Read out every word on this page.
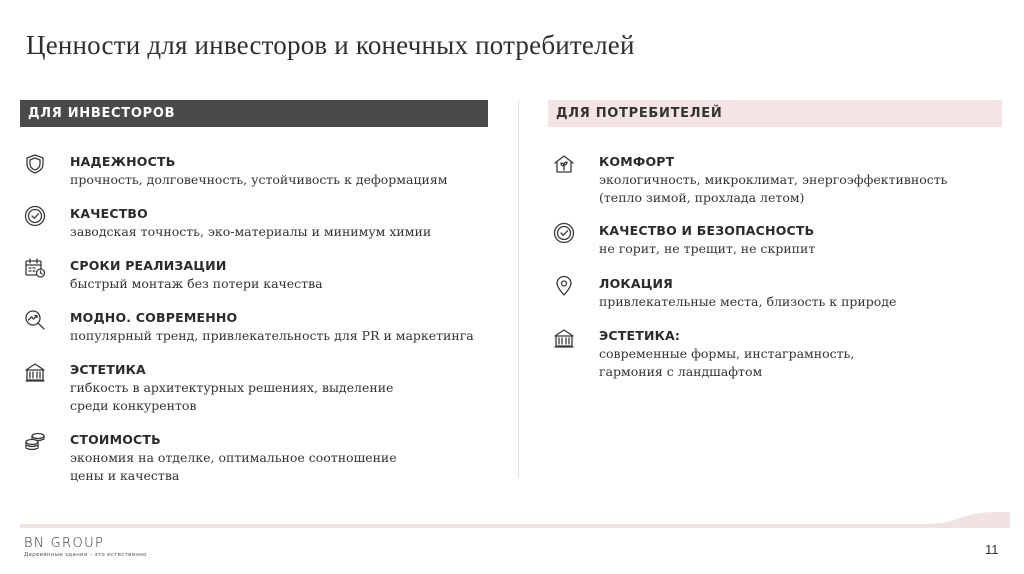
Ценности для инвесторов и конечных потребителей
ДЛЯ ИНВЕСТОРОВ	ДЛЯ ПОТРЕБИТЕЛЕЙ
НАДЕЖНОСТЬ
прочность, долговечность, устойчивость к деформациям
КАЧЕСТВО
заводская точность, эко-материалы и минимум химии
СРОКИ РЕАЛИЗАЦИИ
быстрый монтаж без потери качества
МОДНО. СОВРЕМЕННО
популярный тренд, привлекательность для PR и маркетинга
ЭСТЕТИКА
гибкость в архитектурных решениях, выделение
среди конкурентов
СТОИМОСТЬ
экономия на отделке, оптимальное соотношение
цены и качества
КОМФОРТ
экологичность, микроклимат, энергоэффективность
(тепло зимой, прохлада летом)
КАЧЕСТВО И БЕЗОПАСНОСТЬ
не горит, не трещит, не скрипит
ЛОКАЦИЯ
привлекательные места, близость к природе
ЭСТЕТИКА:
современные формы, инстаграмность,
гармония с ландшафтом
BN GROUP
Деревянные здания – это естественно	11
